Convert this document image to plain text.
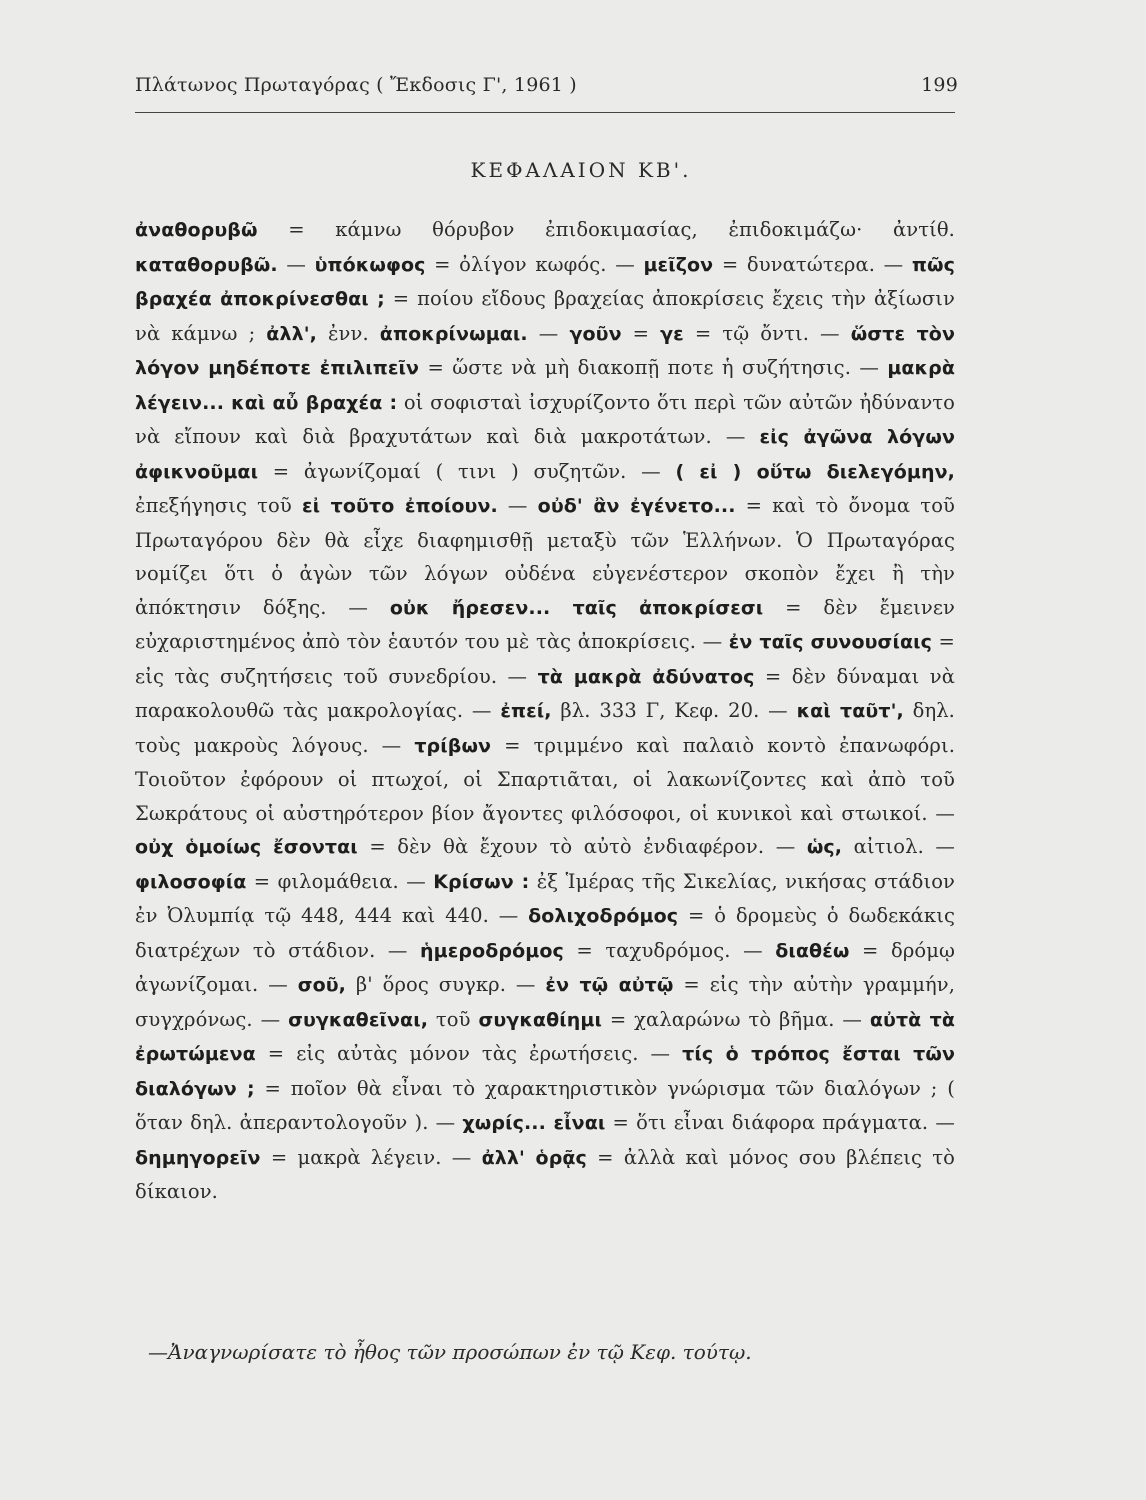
Πλάτωνος Πρωταγόρας ( Ἔκδοσις Γ', 1961 )	199
ΚΕΦΑΛΑΙΟΝ ΚΒ'.
ἀναθορυβῶ = κάμνω θόρυβον ἐπιδοκιμασίας, ἐπιδοκιμάζω· ἀντίθ. καταθορυβῶ. — ὑπόκωφος = ὀλίγον κωφός. — μεῖζον = δυνατώτερα. — πῶς βραχέα ἀποκρίνεσθαι ; = ποίου εἴδους βραχείας ἀποκρίσεις ἔχεις τὴν ἀξίωσιν νὰ κάμνω ; ἀλλ', ἐνν. ἀποκρίνωμαι. — γοῦν = γε = τῷ ὄντι. — ὥστε τὸν λόγον μηδέποτε ἐπιλιπεῖν = ὥστε νὰ μὴ διακοπῇ ποτε ἡ συζήτησις. — μακρὰ λέγειν... καὶ αὖ βραχέα : οἱ σοφισταὶ ἰσχυρίζοντο ὅτι περὶ τῶν αὐτῶν ἠδύναντο νὰ εἴπουν καὶ διὰ βραχυτάτων καὶ διὰ μακροτάτων. — εἰς ἀγῶνα λόγων ἀφικνοῦμαι = ἀγωνίζομαί ( τινι ) συζητῶν. — ( εἰ ) οὕτω διελεγόμην, ἐπεξήγησις τοῦ εἰ τοῦτο ἐποίουν. — οὐδ' ἂν ἐγένετο... = καὶ τὸ ὄνομα τοῦ Πρωταγόρου δὲν θὰ εἶχε διαφημισθῇ μεταξὺ τῶν Ἑλλήνων. Ὁ Πρωταγόρας νομίζει ὅτι ὁ ἀγὼν τῶν λόγων οὐδένα εὐγενέστερον σκοπὸν ἔχει ἢ τὴν ἀπόκτησιν δόξης. — οὐκ ἤρεσεν... ταῖς ἀποκρίσεσι = δὲν ἔμεινεν εὐχαριστημένος ἀπὸ τὸν ἑαυτόν του μὲ τὰς ἀποκρίσεις. — ἐν ταῖς συνουσίαις = εἰς τὰς συζητήσεις τοῦ συνεδρίου. — τὰ μακρὰ ἀδύνατος = δὲν δύναμαι νὰ παρακολουθῶ τὰς μακρολογίας. — ἐπεί, βλ. 333 Γ, Κεφ. 20. — καὶ ταῦτ', δηλ. τοὺς μακροὺς λόγους. — τρίβων = τριμμένο καὶ παλαιὸ κοντὸ ἐπανωφόρι. Τοιοῦτον ἐφόρουν οἱ πτωχοί, οἱ Σπαρτιᾶται, οἱ λακωνίζοντες καὶ ἀπὸ τοῦ Σωκράτους οἱ αὐστηρότερον βίον ἄγοντες φιλόσοφοι, οἱ κυνικοὶ καὶ στωικοί. — οὐχ ὁμοίως ἔσονται = δὲν θὰ ἔχουν τὸ αὐτὸ ἐνδιαφέρον. — ὡς, αἰτιολ. — φιλοσοφία = φιλομάθεια. — Κρίσων : ἐξ Ἱμέρας τῆς Σικελίας, νικήσας στάδιον ἐν Ὀλυμπίᾳ τῷ 448, 444 καὶ 440. — δολιχοδρόμος = ὁ δρομεὺς ὁ δωδεκάκις διατρέχων τὸ στάδιον. — ἡμεροδρόμος = ταχυδρόμος. — διαθέω = δρόμῳ ἀγωνίζομαι. — σοῦ, β' ὅρος συγκρ. — ἐν τῷ αὐτῷ = εἰς τὴν αὐτὴν γραμμήν, συγχρόνως. — συγκαθεῖναι, τοῦ συγκαθίημι = χαλαρώνω τὸ βῆμα. — αὐτὰ τὰ ἐρωτώμενα = εἰς αὐτὰς μόνον τὰς ἐρωτήσεις. — τίς ὁ τρόπος ἔσται τῶν διαλόγων ; = ποῖον θὰ εἶναι τὸ χαρακτηριστικὸν γνώρισμα τῶν διαλόγων ; ( ὅταν δηλ. ἀπεραντολογοῦν ). — χωρίς... εἶναι = ὅτι εἶναι διάφορα πράγματα. — δημηγορεῖν = μακρὰ λέγειν. — ἀλλ' ὁρᾷς = ἀλλὰ καὶ μόνος σου βλέπεις τὸ δίκαιον.
—Ἀναγνωρίσατε τὸ ἦθος τῶν προσώπων ἐν τῷ Κεφ. τούτῳ.
